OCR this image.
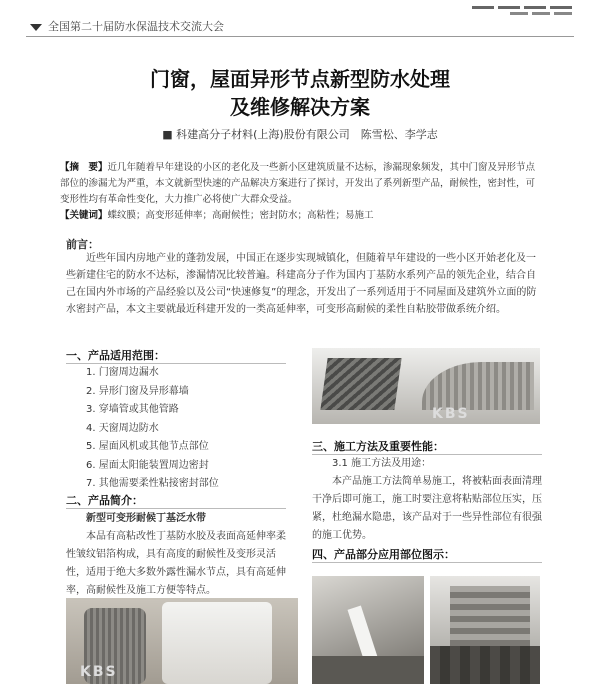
全国第二十届防水保温技术交流大会
门窗，屋面异形节点新型防水处理
及维修解决方案
■ 科建高分子材料(上海)股份有限公司　陈雪松、李学志
【摘　要】近几年随着早年建设的小区的老化及一些新小区建筑质量不达标，渗漏现象频发，其中门窗及异形节点部位的渗漏尤为严重，本文就新型快速的产品解决方案进行了探讨，开发出了系列新型产品，耐候性，密封性，可变形性均有革命性变化，大力推广必将使广大群众受益。
【关键词】蝶纹膜；高变形延伸率；高耐候性；密封防水；高粘性；易施工
前言：
近些年国内房地产业的蓬勃发展，中国正在逐步实现城镇化，但随着早年建设的一些小区开始老化及一些新建住宅的防水不达标，渗漏情况比较普遍。科建高分子作为国内丁基防水系列产品的领先企业，结合自己在国内外市场的产品经验以及公司“快速修复”的理念，开发出了一系列适用于不同屋面及建筑外立面的防水密封产品，本文主要就最近科建开发的一类高延伸率，可变形高耐候的柔性自粘胶带做系统介绍。
一、产品适用范围：
1. 门窗周边漏水
2. 异形门窗及异形幕墙
3. 穿墙管或其他管路
4. 天窗周边防水
5. 屋面风机或其他节点部位
6. 屋面太阳能装置周边密封
7. 其他需要柔性粘接密封部位
二、产品简介：
新型可变形耐候丁基泛水带
本品有高粘改性丁基防水胶及表面高延伸率柔性皱纹铝箔构成，具有高度的耐候性及变形灵活性，适用于绝大多数外露性漏水节点，具有高延伸率，高耐候性及施工方便等特点。
KBS
KBS
三、施工方法及重要性能：
3.1 施工方法及用途：
本产品施工方法简单易施工，将被粘面表面清理干净后即可施工，施工时要注意将粘贴部位压实，压紧，杜绝漏水隐患，该产品对于一些异性部位有很强的施工优势。
四、产品部分应用部位图示：
